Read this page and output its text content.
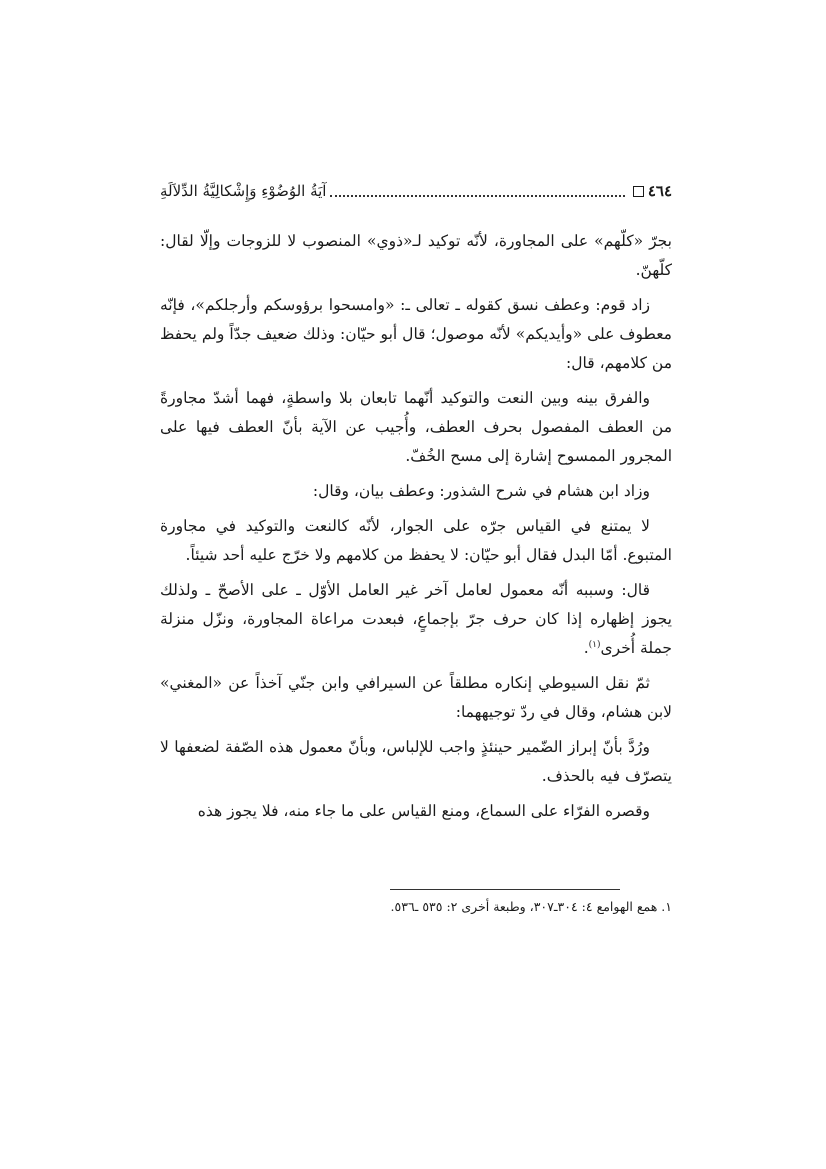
٤٦٤
آيَةُ الوُضُوْءِ وَإِشْكالِيَّةُ الدِّلاَلَةِ

بجرّ «كلّهم» على المجاورة، لأنّه توكيد لـ«ذوي» المنصوب لا للزوجات وإلّا لقال: كلّهنّ.

زاد قوم: وعطف نسق كقوله ـ تعالى ـ: «وامسحوا برؤوسكم وأرجلكم»، فإنّه معطوف على «وأيديكم» لأنّه موصول؛ قال أبو حيّان: وذلك ضعيف جدّاً ولم يحفظ من كلامهم، قال:

والفرق بينه وبين النعت والتوكيد أنّهما تابعان بلا واسطةٍ، فهما أشدّ مجاورةً من العطف المفصول بحرف العطف، وأُجيب عن الآية بأنّ العطف فيها على المجرور الممسوح إشارة إلى مسح الخُفّ.

وزاد ابن هشام في شرح الشذور: وعطف بيان، وقال:

لا يمتنع في القياس جرّه على الجوار، لأنّه كالنعت والتوكيد في مجاورة المتبوع. أمّا البدل فقال أبو حيّان: لا يحفظ من كلامهم ولا خرّج عليه أحد شيئاً.

قال: وسببه أنّه معمول لعامل آخر غير العامل الأوّل ـ على الأصحّ ـ ولذلك يجوز إظهاره إذا كان حرف جرّ بإجماعٍ، فبعدت مراعاة المجاورة، ونزّل منزلة جملة أُخرى$^{(١)}$.

ثمّ نقل السيوطي إنكاره مطلقاً عن السيرافي وابن جنّي آخذاً عن «المغني» لابن هشام، وقال في ردّ توجيههما:

ورُدَّ بأنّ إبراز الضّمير حينئذٍ واجب للإلباس، وبأنّ معمول هذه الصّفة لضعفها لا يتصرّف فيه بالحذف.

وقصره الفرّاء على السماع، ومنع القياس على ما جاء منه، فلا يجوز هذه

١. همع الهوامع ٤: ٣٠٤ـ٣٠٧، وطبعة أخرى ٢: ٥٣٥ ـ٥٣٦.
